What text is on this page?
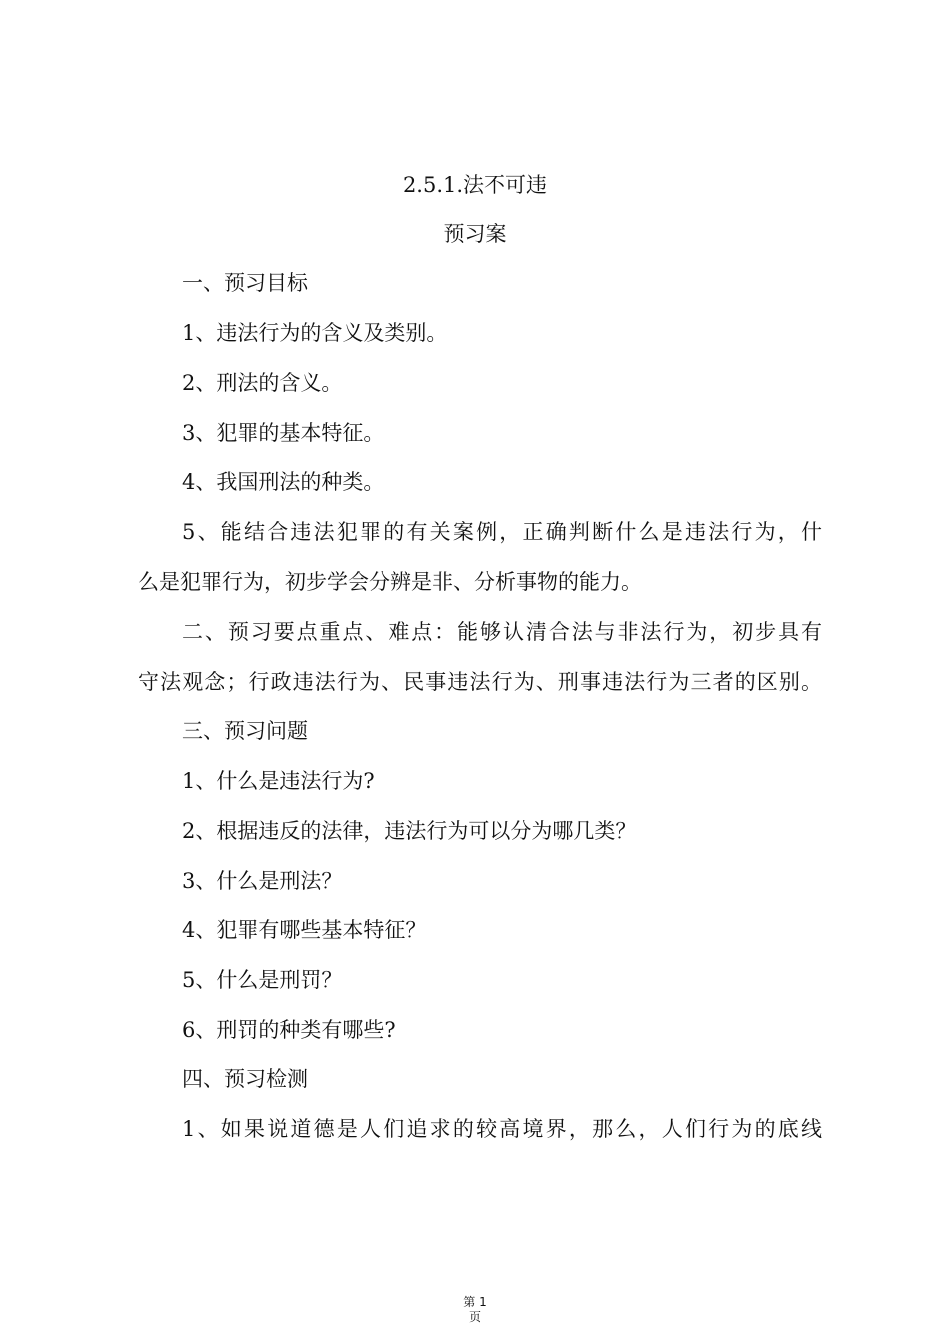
2.5.1.法不可违
预习案
一、预习目标
1、违法行为的含义及类别。
2、刑法的含义。
3、犯罪的基本特征。
4、我国刑法的种类。
5、能结合违法犯罪的有关案例，正确判断什么是违法行为，什
么是犯罪行为，初步学会分辨是非、分析事物的能力。
二、预习要点重点、难点：能够认清合法与非法行为，初步具有
守法观念；行政违法行为、民事违法行为、刑事违法行为三者的区别。
三、预习问题
1、什么是违法行为?
2、根据违反的法律，违法行为可以分为哪几类？
3、什么是刑法？
4、犯罪有哪些基本特征？
5、什么是刑罚？
6、刑罚的种类有哪些?
四、预习检测
1、如果说道德是人们追求的较高境界，那么，人们行为的底线
第 1
页
